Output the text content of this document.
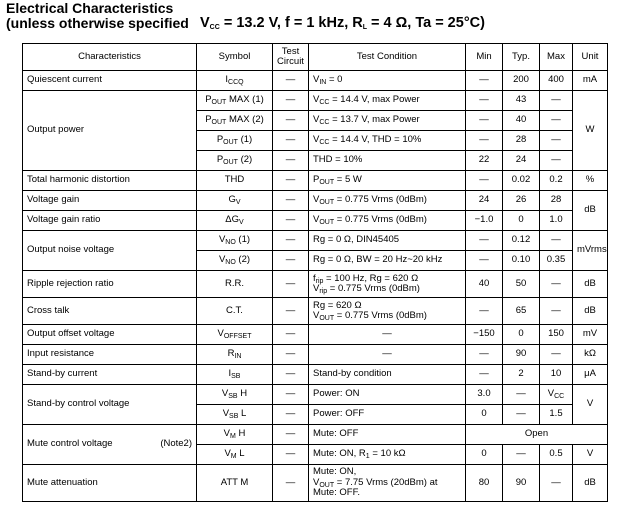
Electrical Characteristics
(unless otherwise specified $V_{CC} = 13.2$ V, f = 1 kHz, $R_L = 4$ Ω, Ta = 25°C)
Characteristics	Symbol	Test
Circuit	Test Condition	Min	Typ.	Max	Unit
Quiescent current	$I_{CCQ}$	—	$V_{IN} = 0$	—	200	400	mA
Output power	$P_{OUT}$ MAX (1)	—	$V_{CC} = 14.4$ V, max Power	—	43	—	W
	$P_{OUT}$ MAX (2)	—	$V_{CC} = 13.7$ V, max Power	—	40	—	
	$P_{OUT}$ (1)	—	$V_{CC} = 14.4$ V, THD = 10%	—	28	—	
	$P_{OUT}$ (2)	—	THD = 10%	22	24	—	
Total harmonic distortion	THD	—	$P_{OUT} = 5$ W	—	0.02	0.2	%
Voltage gain	$G_V$	—	$V_{OUT} = 0.775$ Vrms (0dBm)	24	26	28	dB
Voltage gain ratio	$\Delta G_V$	—	$V_{OUT} = 0.775$ Vrms (0dBm)	−1.0	0	1.0	
Output noise voltage	$V_{NO}$ (1)	—	Rg = 0 Ω, DIN45405	—	0.12	—	mVrms
	$V_{NO}$ (2)	—	Rg = 0 Ω, BW = 20 Hz~20 kHz	—	0.10	0.35	
Ripple rejection ratio	R.R.	—	$f_{rip} = 100$ Hz, Rg = 620 Ω
$V_{rip} = 0.775$ Vrms (0dBm)	40	50	—	dB
Cross talk	C.T.	—	Rg = 620 Ω
$V_{OUT} = 0.775$ Vrms (0dBm)	—	65	—	dB
Output offset voltage	$V_{OFFSET}$	—	—	−150	0	150	mV
Input resistance	$R_{IN}$	—	—	—	90	—	kΩ
Stand-by current	$I_{SB}$	—	Stand-by condition	—	2	10	μA
Stand-by control voltage	$V_{SB}$ H	—	Power: ON	3.0	—	$V_{CC}$	V
	$V_{SB}$ L	—	Power: OFF	0	—	1.5	
Mute control voltage (Note2)	$V_M$ H	—	Mute: OFF	Open			
	$V_M$ L	—	Mute: ON, $R_1 = 10$ kΩ	0	—	0.5	V
Mute attenuation	ATT M	—	Mute: ON,
$V_{OUT} = 7.75$ Vrms (20dBm) at
Mute: OFF.	80	90	—	dB
